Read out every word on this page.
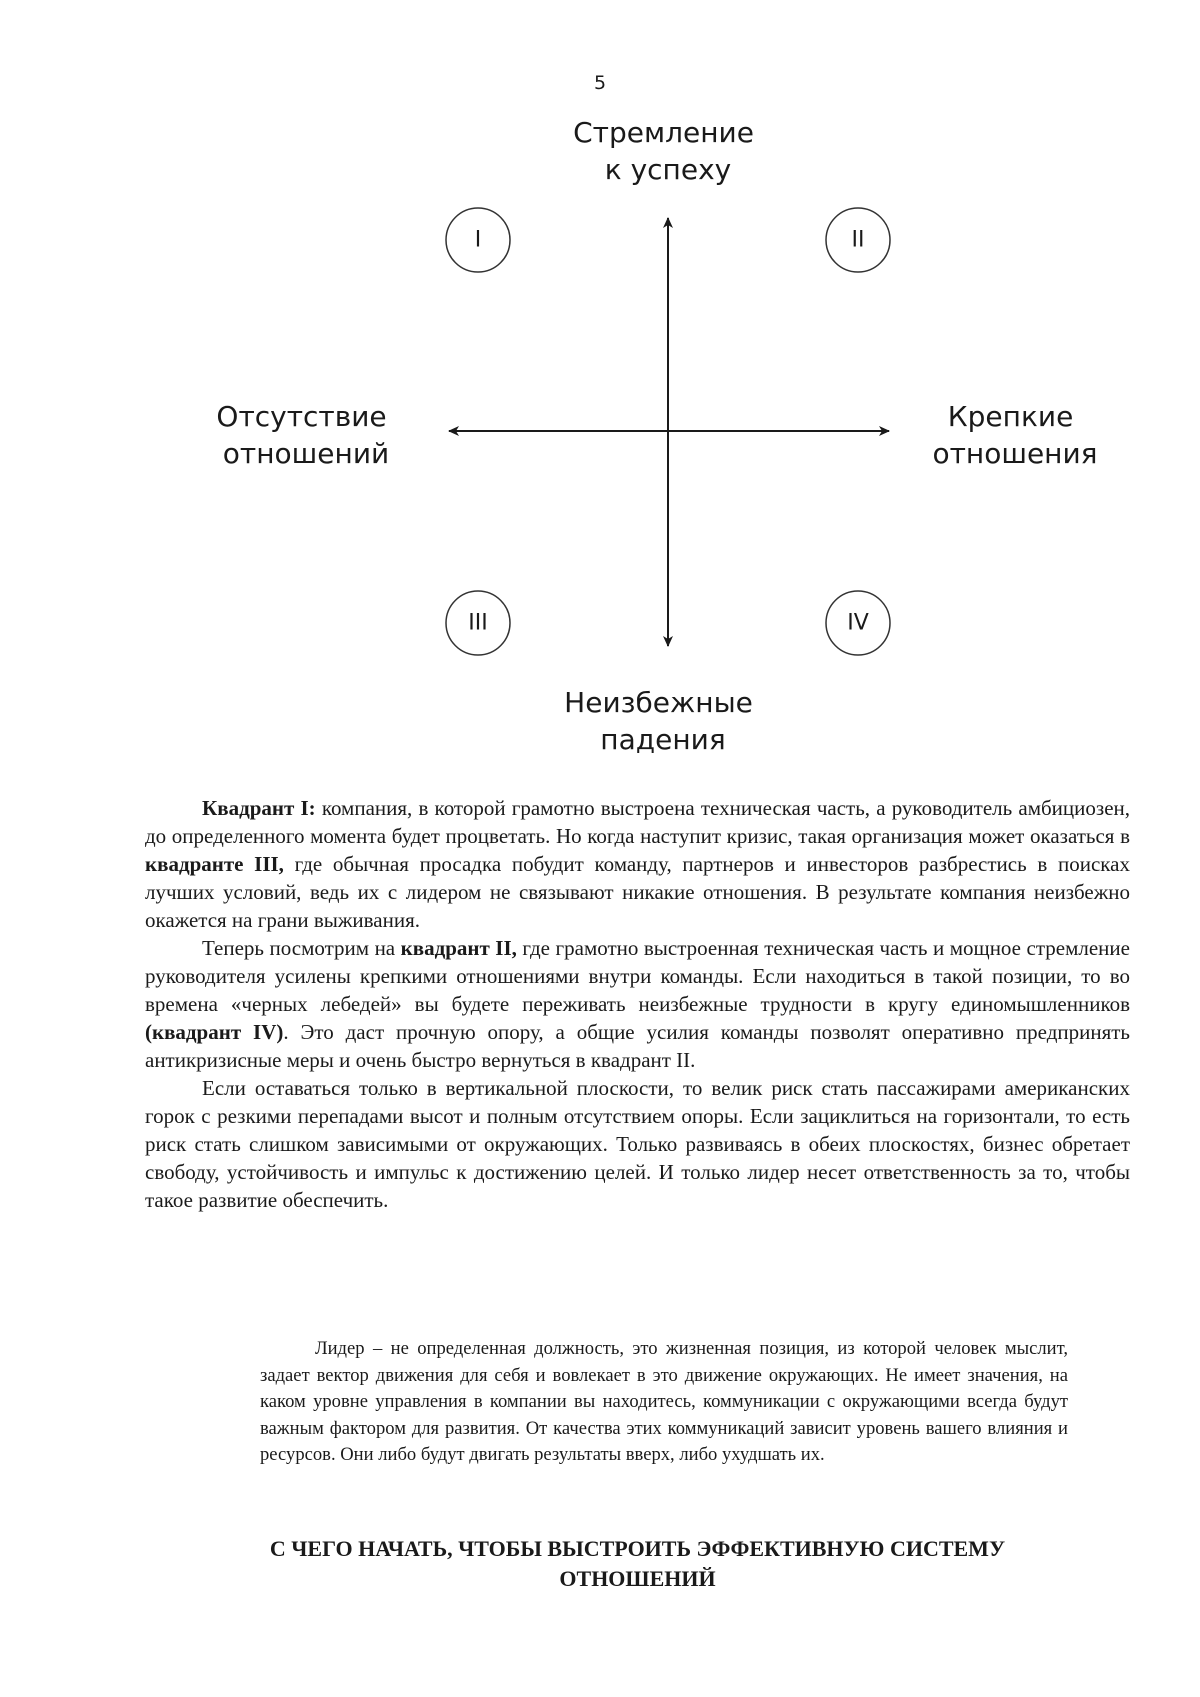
5
Стремление к успеху
Неизбежные падения
Отсутствие отношений
Крепкие отношения
I	II
III	IV

Квадрант I: компания, в которой грамотно выстроена техническая часть, а руководитель амбициозен, до определенного момента будет процветать. Но когда наступит кризис, такая организация может оказаться в квадранте III, где обычная просадка побудит команду, партнеров и инвесторов разбрестись в поисках лучших условий, ведь их с лидером не связывают никакие отношения. В результате компания неизбежно окажется на грани выживания.

Теперь посмотрим на квадрант II, где грамотно выстроенная техническая часть и мощное стремление руководителя усилены крепкими отношениями внутри команды. Если находиться в такой позиции, то во времена «черных лебедей» вы будете переживать неизбежные трудности в кругу единомышленников (квадрант IV). Это даст прочную опору, а общие усилия команды позволят оперативно предпринять антикризисные меры и очень быстро вернуться в квадрант II.

Если оставаться только в вертикальной плоскости, то велик риск стать пассажирами американских горок с резкими перепадами высот и полным отсутствием опоры. Если зациклиться на горизонтали, то есть риск стать слишком зависимыми от окружающих. Только развиваясь в обеих плоскостях, бизнес обретает свободу, устойчивость и импульс к достижению целей. И только лидер несет ответственность за то, чтобы такое развитие обеспечить.

Лидер – не определенная должность, это жизненная позиция, из которой человек мыслит, задает вектор движения для себя и вовлекает в это движение окружающих. Не имеет значения, на каком уровне управления в компании вы находитесь, коммуникации с окружающими всегда будут важным фактором для развития. От качества этих коммуникаций зависит уровень вашего влияния и ресурсов. Они либо будут двигать результаты вверх, либо ухудшать их.

С ЧЕГО НАЧАТЬ, ЧТОБЫ ВЫСТРОИТЬ ЭФФЕКТИВНУЮ СИСТЕМУ
ОТНОШЕНИЙ
